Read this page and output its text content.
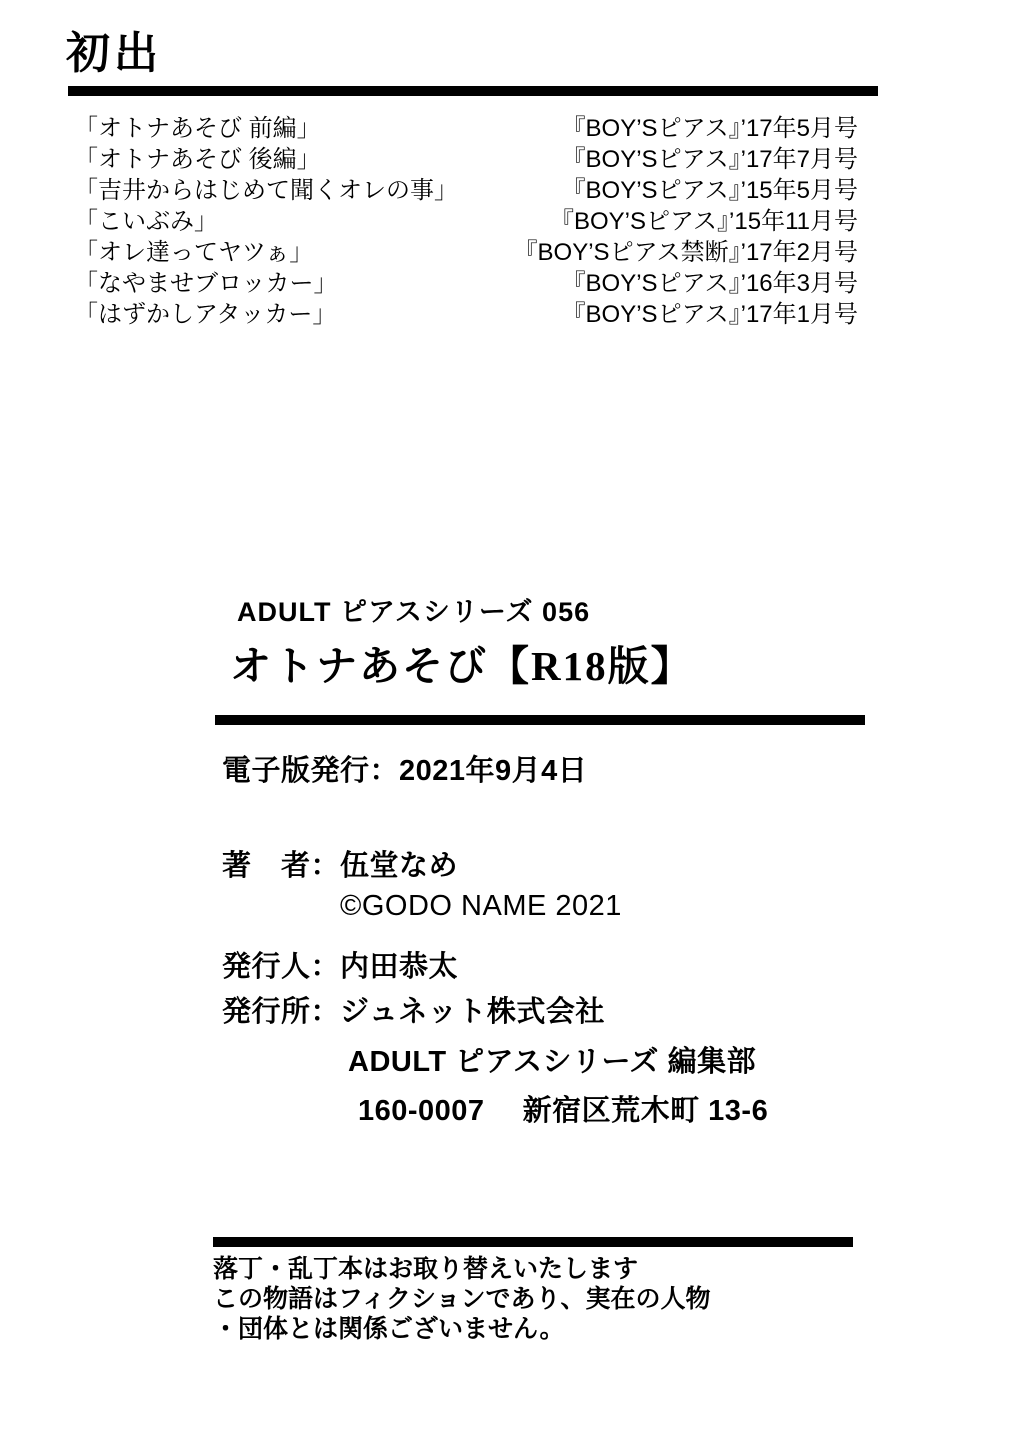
初出
「オトナあそび 前編」	『BOY’Sピアス』’17年5月号
「オトナあそび 後編」	『BOY’Sピアス』’17年7月号
「吉井からはじめて聞くオレの事」	『BOY’Sピアス』’15年5月号
「こいぶみ」	『BOY’Sピアス』’15年11月号
「オレ達ってヤツぁ」	『BOY’Sピアス禁断』’17年2月号
「なやませブロッカー」	『BOY’Sピアス』’16年3月号
「はずかしアタッカー」	『BOY’Sピアス』’17年1月号
ADULT ピアスシリーズ 056
オトナあそび【R18版】
電子版発行：2021年9月4日
著　者：伍堂なめ
©GODO NAME 2021
発行人：内田恭太
発行所：ジュネット株式会社
ADULT ピアスシリーズ 編集部
160-0007　 新宿区荒木町 13-6
落丁・乱丁本はお取り替えいたします
この物語はフィクションであり、実在の人物
・団体とは関係ございません。
